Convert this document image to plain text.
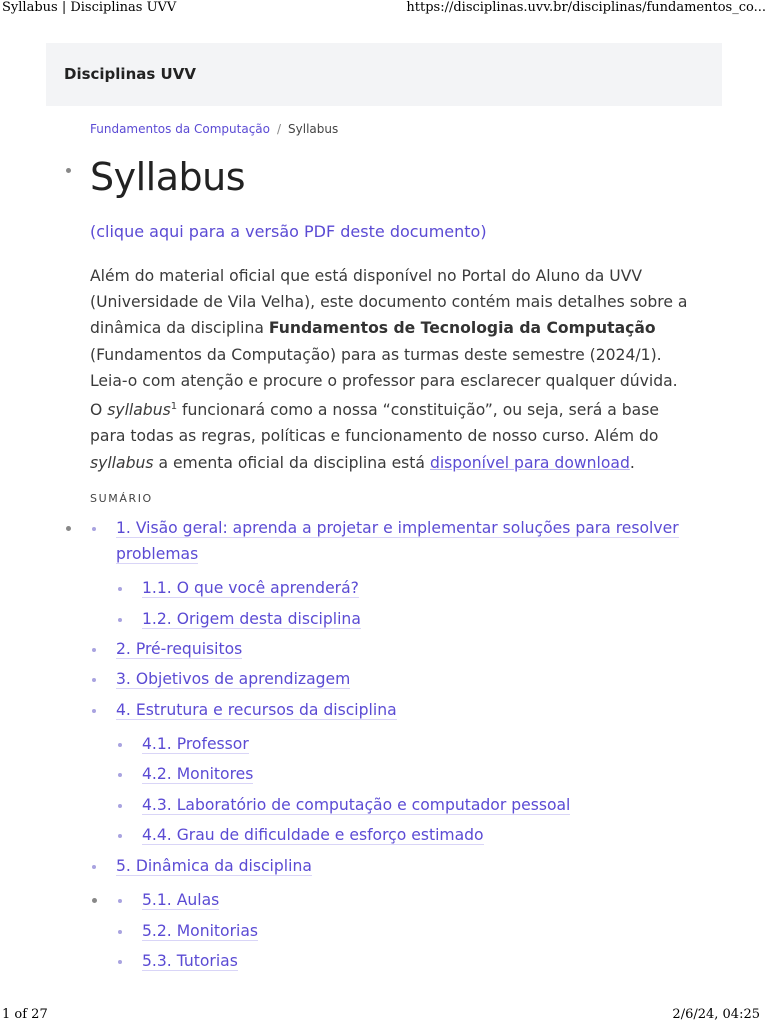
Syllabus | Disciplinas UVV	https://disciplinas.uvv.br/disciplinas/fundamentos_co...
Disciplinas UVV
Fundamentos da Computação / Syllabus
Syllabus
(clique aqui para a versão PDF deste documento)

Além do material oficial que está disponível no Portal do Aluno da UVV (Universidade de Vila Velha), este documento contém mais detalhes sobre a dinâmica da disciplina Fundamentos de Tecnologia da Computação (Fundamentos da Computação) para as turmas deste semestre (2024/1). Leia-o com atenção e procure o professor para esclarecer qualquer dúvida. O syllabus$^1$ funcionará como a nossa “constituição”, ou seja, será a base para todas as regras, políticas e funcionamento de nosso curso. Além do syllabus a ementa oficial da disciplina está disponível para download.

SUMÁRIO
1. Visão geral: aprenda a projetar e implementar soluções para resolver problemas
1.1. O que você aprenderá?
1.2. Origem desta disciplina
2. Pré-requisitos
3. Objetivos de aprendizagem
4. Estrutura e recursos da disciplina
4.1. Professor
4.2. Monitores
4.3. Laboratório de computação e computador pessoal
4.4. Grau de dificuldade e esforço estimado
5. Dinâmica da disciplina
5.1. Aulas
5.2. Monitorias
5.3. Tutorias
1 of 27	2/6/24, 04:25
